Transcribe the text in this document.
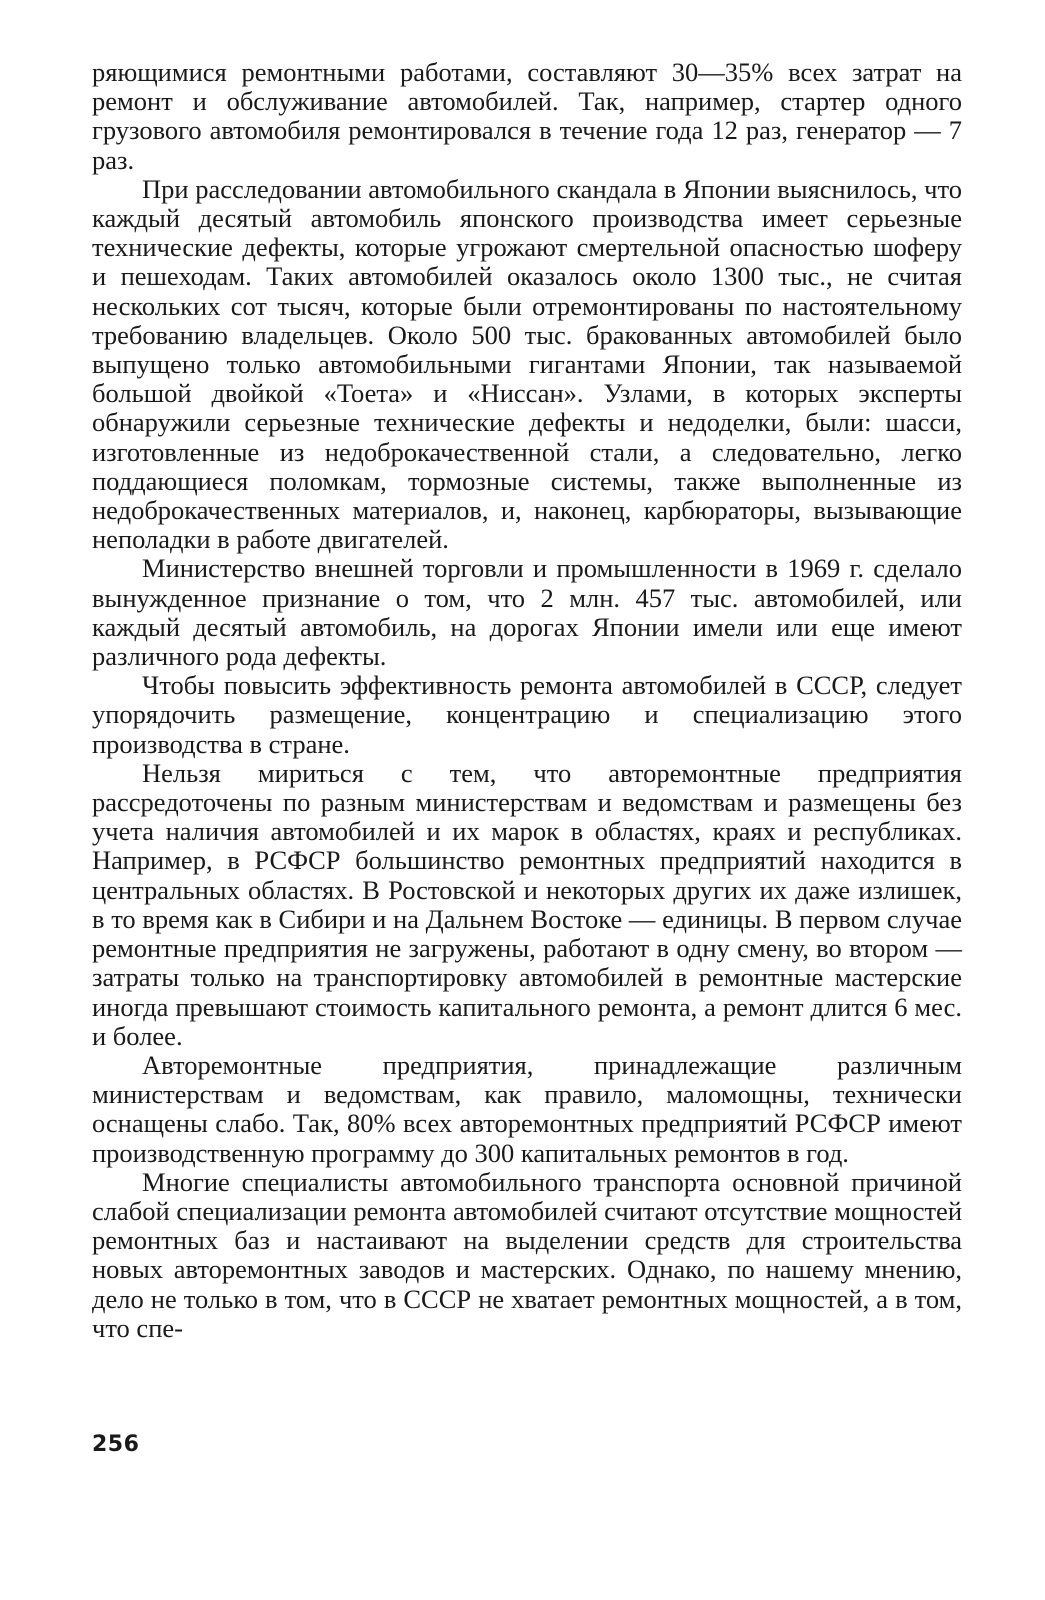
ряющимися ремонтными работами, составляют 30—35% всех затрат на ремонт и обслуживание автомобилей. Так, например, стартер одного грузового автомобиля ремонтировался в течение года 12 раз, генератор — 7 раз.

При расследовании автомобильного скандала в Японии выяснилось, что каждый десятый автомобиль японского производства имеет серьезные технические дефекты, которые угрожают смертельной опасностью шоферу и пешеходам. Таких автомобилей оказалось около 1300 тыс., не считая нескольких сот тысяч, которые были отремонтированы по настоятельному требованию владельцев. Около 500 тыс. бракованных автомобилей было выпущено только автомобильными гигантами Японии, так называемой большой двойкой «Тоета» и «Ниссан». Узлами, в которых эксперты обнаружили серьезные технические дефекты и недоделки, были: шасси, изготовленные из недоброкачественной стали, а следовательно, легко поддающиеся поломкам, тормозные системы, также выполненные из недоброкачественных материалов, и, наконец, карбюраторы, вызывающие неполадки в работе двигателей.

Министерство внешней торговли и промышленности в 1969 г. сделало вынужденное признание о том, что 2 млн. 457 тыс. автомобилей, или каждый десятый автомобиль, на дорогах Японии имели или еще имеют различного рода дефекты.

Чтобы повысить эффективность ремонта автомобилей в СССР, следует упорядочить размещение, концентрацию и специализацию этого производства в стране.

Нельзя мириться с тем, что авторемонтные предприятия рассредоточены по разным министерствам и ведомствам и размещены без учета наличия автомобилей и их марок в областях, краях и республиках. Например, в РСФСР большинство ремонтных предприятий находится в центральных областях. В Ростовской и некоторых других их даже излишек, в то время как в Сибири и на Дальнем Востоке — единицы. В первом случае ремонтные предприятия не загружены, работают в одну смену, во втором — затраты только на транспортировку автомобилей в ремонтные мастерские иногда превышают стоимость капитального ремонта, а ремонт длится 6 мес. и более.

Авторемонтные предприятия, принадлежащие различным министерствам и ведомствам, как правило, маломощны, технически оснащены слабо. Так, 80% всех авторемонтных предприятий РСФСР имеют производственную программу до 300 капитальных ремонтов в год.

Многие специалисты автомобильного транспорта основной причиной слабой специализации ремонта автомобилей считают отсутствие мощностей ремонтных баз и настаивают на выделении средств для строительства новых авторемонтных заводов и мастерских. Однако, по нашему мнению, дело не только в том, что в СССР не хватает ремонтных мощностей, а в том, что спе-

256
